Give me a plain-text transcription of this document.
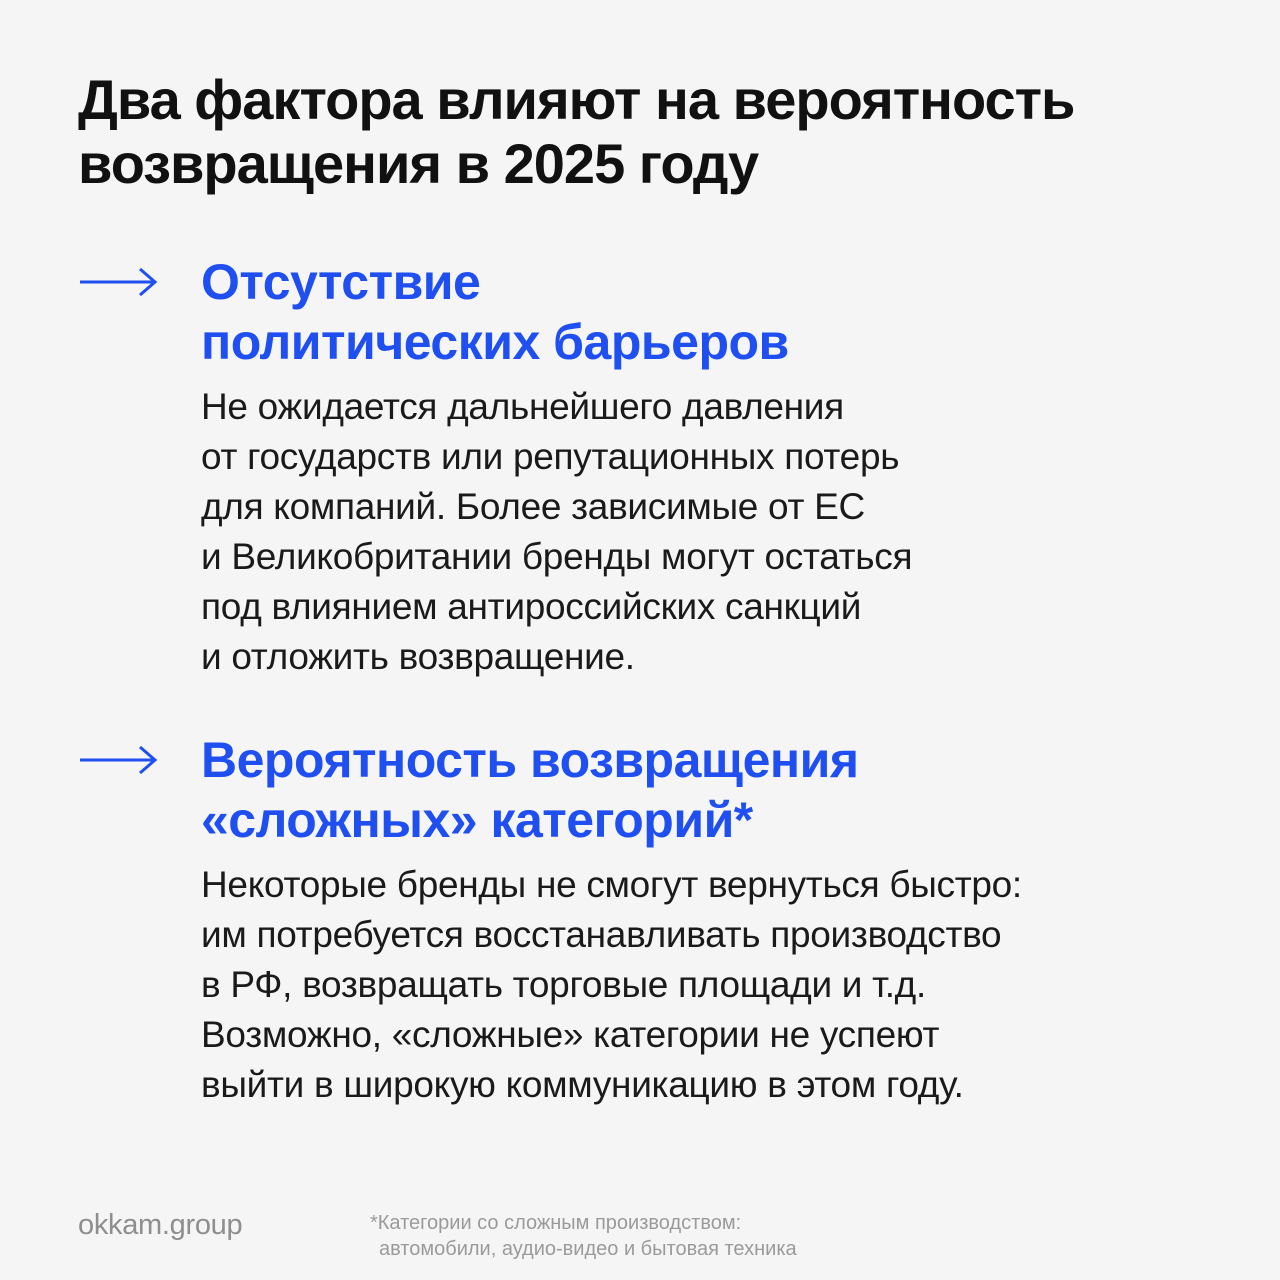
Два фактора влияют на вероятность
возвращения в 2025 году
Отсутствие
политических барьеров

Не ожидается дальнейшего давления
от государств или репутационных потерь
для компаний. Более зависимые от ЕС
и Великобритании бренды могут остаться
под влиянием антироссийских санкций
и отложить возвращение.

Вероятность возвращения
«сложных» категорий*

Некоторые бренды не смогут вернуться быстро:
им потребуется восстанавливать производство
в РФ, возвращать торговые площади и т.д.
Возможно, «сложные» категории не успеют
выйти в широкую коммуникацию в этом году.

okkam.group	*Категории со сложным производством:
автомобили, аудио-видео и бытовая техника
